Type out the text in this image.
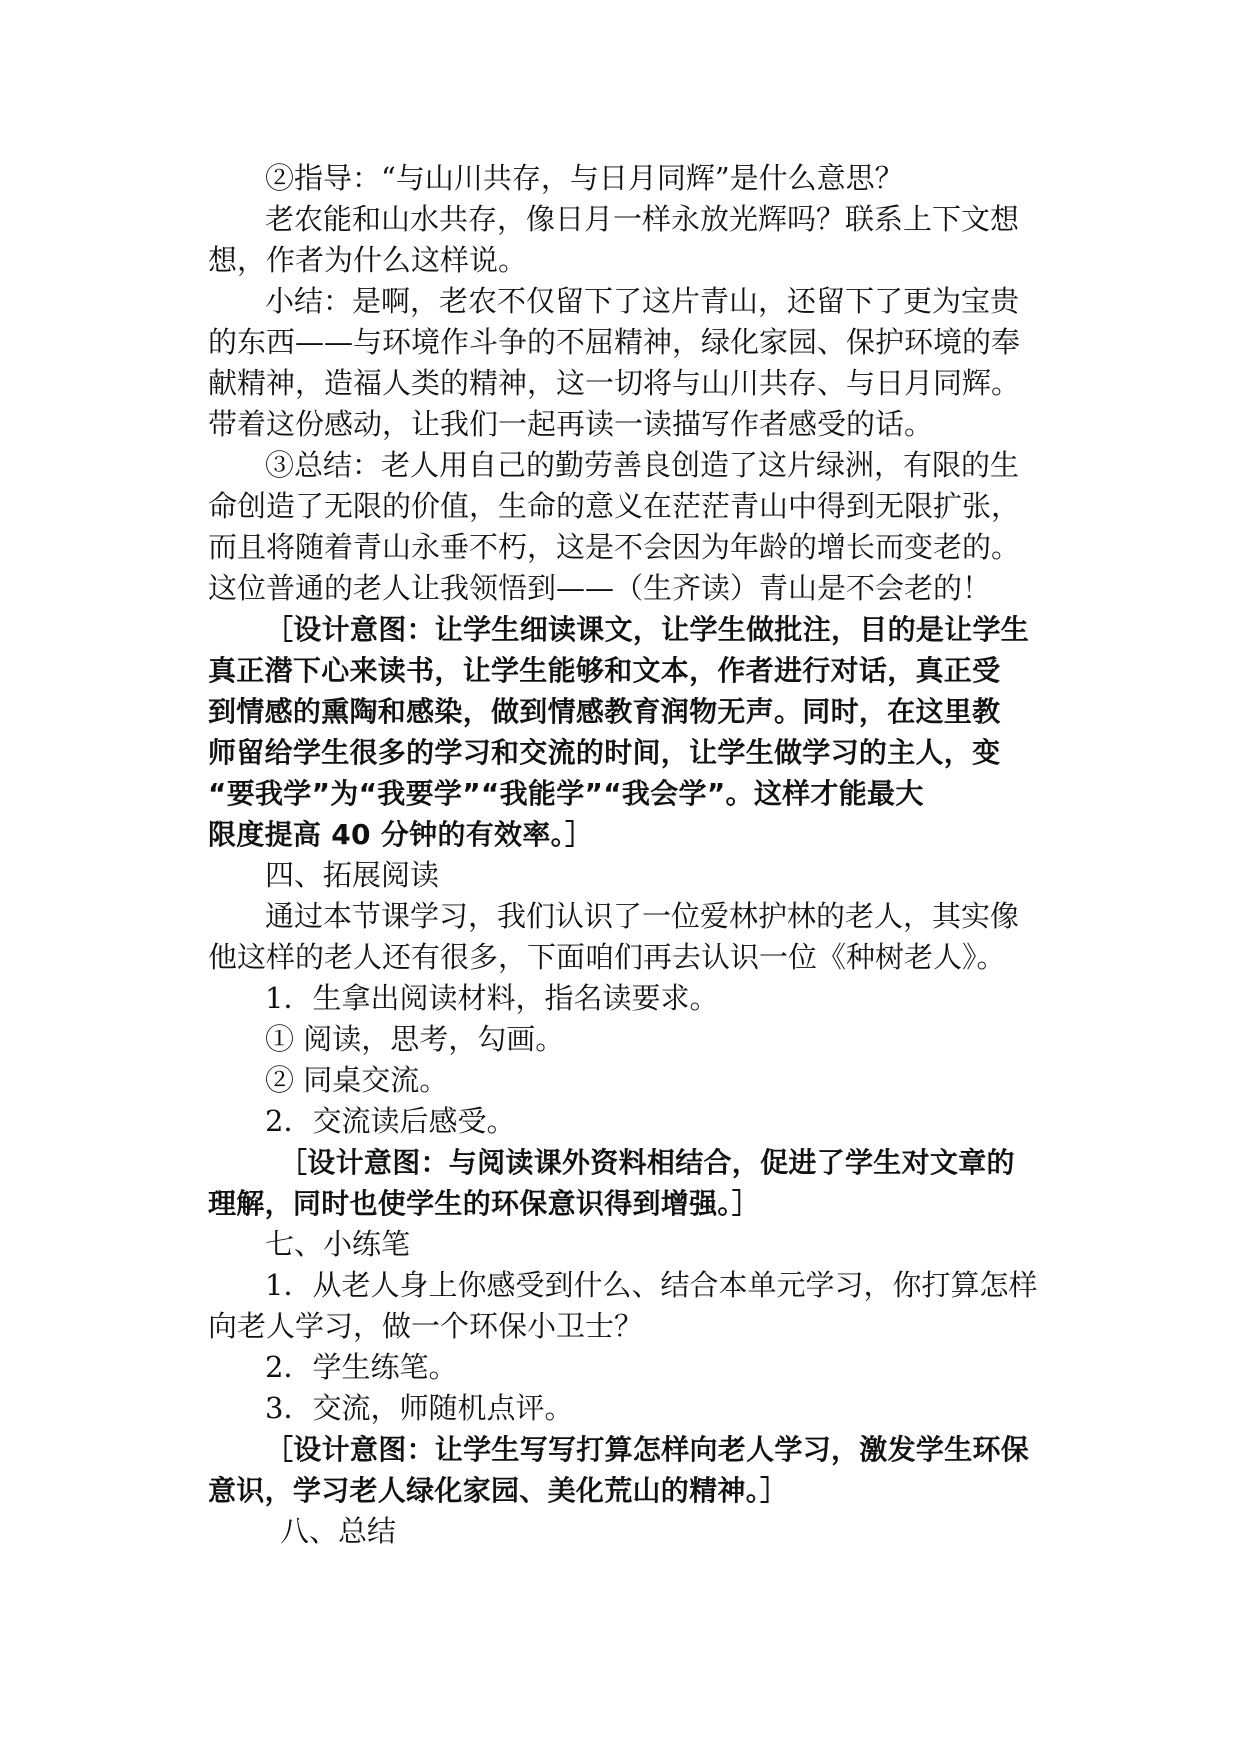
②指导：“与山川共存，与日月同辉”是什么意思？
老农能和山水共存，像日月一样永放光辉吗？联系上下文想
想，作者为什么这样说。
小结：是啊，老农不仅留下了这片青山，还留下了更为宝贵
的东西——与环境作斗争的不屈精神，绿化家园、保护环境的奉
献精神，造福人类的精神，这一切将与山川共存、与日月同辉。
带着这份感动，让我们一起再读一读描写作者感受的话。
③总结：老人用自己的勤劳善良创造了这片绿洲，有限的生
命创造了无限的价值，生命的意义在茫茫青山中得到无限扩张，
而且将随着青山永垂不朽，这是不会因为年龄的增长而变老的。
这位普通的老人让我领悟到——（生齐读）青山是不会老的！
［设计意图：让学生细读课文，让学生做批注，目的是让学生
真正潜下心来读书，让学生能够和文本，作者进行对话，真正受
到情感的熏陶和感染，做到情感教育润物无声。同时，在这里教
师留给学生很多的学习和交流的时间，让学生做学习的主人，变
“要我学”为“我要学”“我能学”“我会学”。这样才能最大
限度提高 40 分钟的有效率。］
四、拓展阅读
通过本节课学习，我们认识了一位爱林护林的老人，其实像
他这样的老人还有很多，下面咱们再去认识一位《种树老人》。
1．生拿出阅读材料，指名读要求。
① 阅读，思考，勾画。
② 同桌交流。
2．交流读后感受。
［设计意图：与阅读课外资料相结合，促进了学生对文章的
理解，同时也使学生的环保意识得到增强。］
七、小练笔
1．从老人身上你感受到什么、结合本单元学习，你打算怎样
向老人学习，做一个环保小卫士？
2．学生练笔。
3．交流，师随机点评。
［设计意图：让学生写写打算怎样向老人学习，激发学生环保
意识，学习老人绿化家园、美化荒山的精神。］
八、总结
